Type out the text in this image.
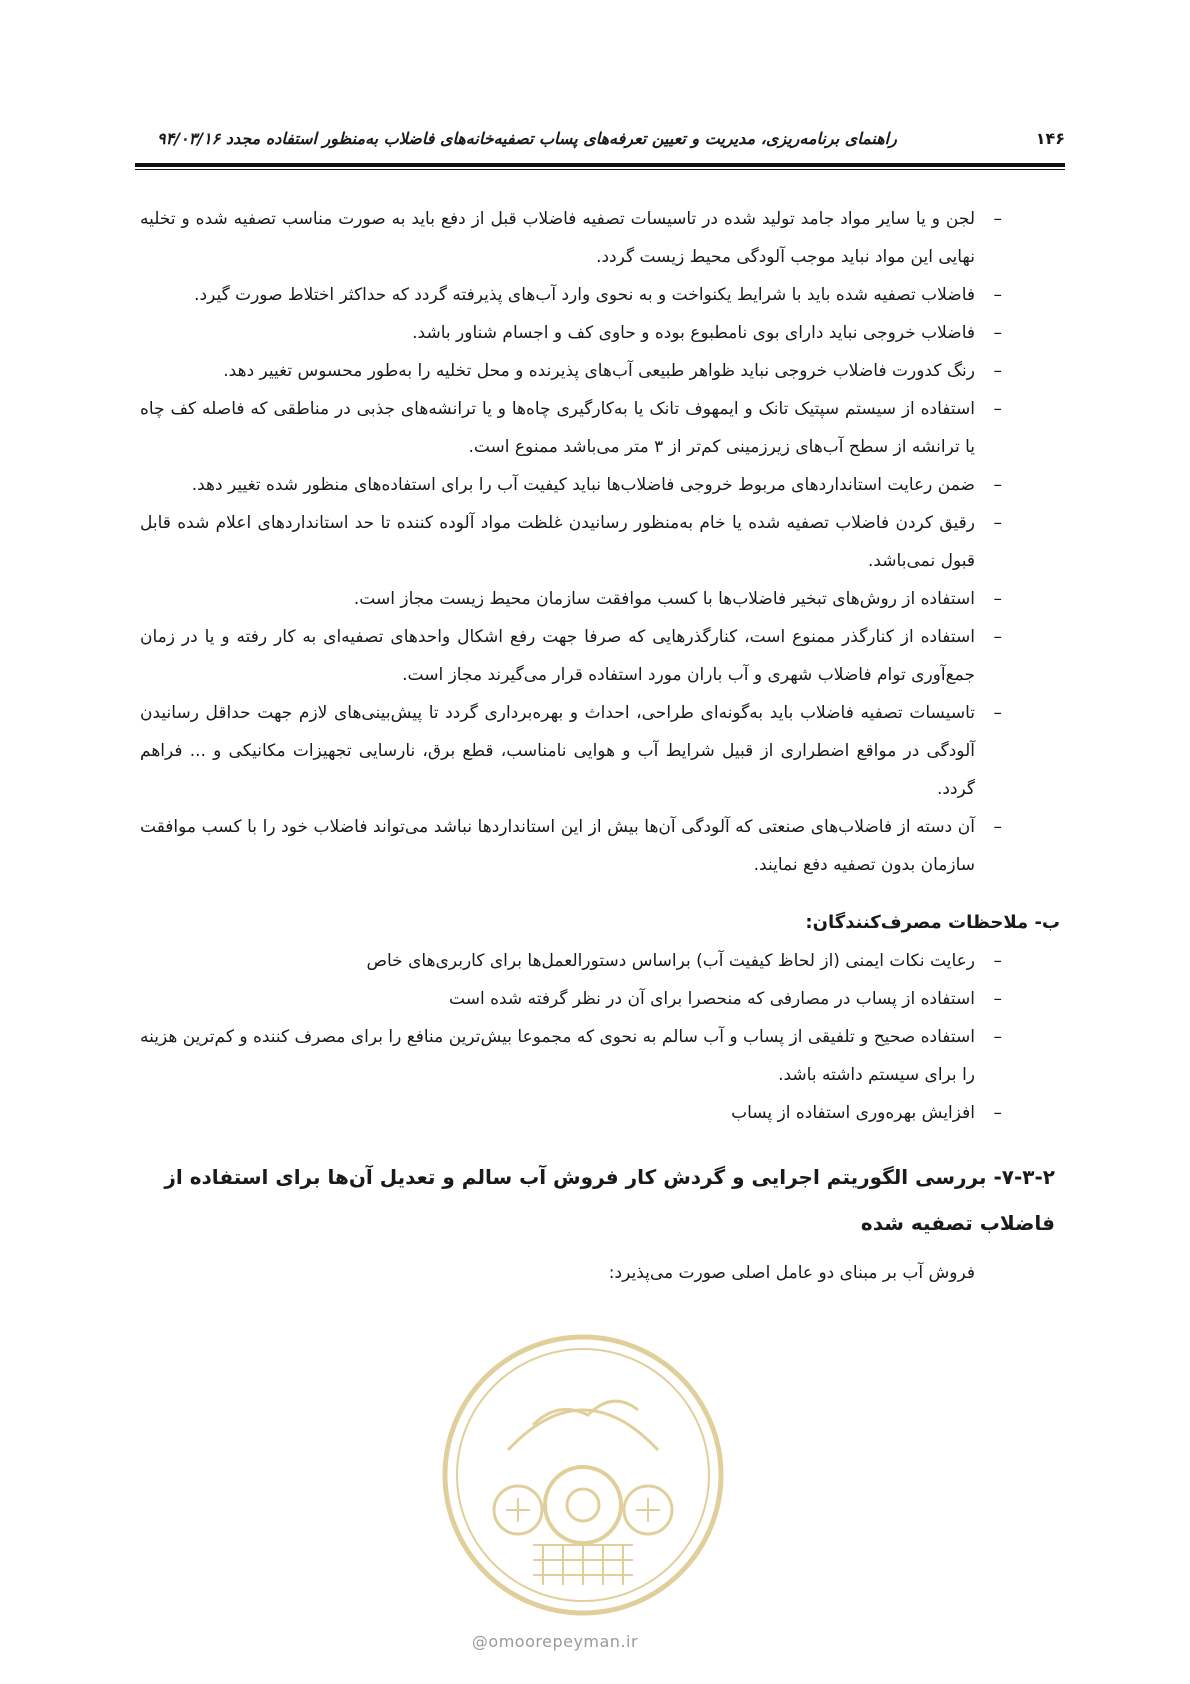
۱۴۶
راهنمای برنامه‌ریزی، مدیریت و تعیین تعرفه‌های پساب تصفیه‌خانه‌های فاضلاب به‌منظور استفاده مجدد ۹۴/۰۳/۱۶
–
لجن و یا سایر مواد جامد تولید شده در تاسیسات تصفیه فاضلاب قبل از دفع باید به صورت مناسب تصفیه شده و تخلیه نهایی این مواد نباید موجب آلودگی محیط زیست گردد.
–
فاضلاب تصفیه شده باید با شرایط یکنواخت و به نحوی وارد آب‌های پذیرفته گردد که حداکثر اختلاط صورت گیرد.
–
فاضلاب خروجی نباید دارای بوی نامطبوع بوده و حاوی کف و اجسام شناور باشد.
–
رنگ کدورت فاضلاب خروجی نباید ظواهر طبیعی آب‌های پذیرنده و محل تخلیه را به‌طور محسوس تغییر دهد.
–
استفاده از سیستم سپتیک تانک و ایمهوف تانک یا به‌کارگیری چاه‌ها و یا ترانشه‌های جذبی در مناطقی که فاصله کف چاه یا ترانشه از سطح آب‌های زیرزمینی کم‌تر از ۳ متر می‌باشد ممنوع است.
–
ضمن رعایت استانداردهای مربوط خروجی فاضلاب‌ها نباید کیفیت آب را برای استفاده‌های منظور شده تغییر دهد.
–
رقیق کردن فاضلاب تصفیه شده یا خام به‌منظور رسانیدن غلظت مواد آلوده کننده تا حد استانداردهای اعلام شده قابل قبول نمی‌باشد.
–
استفاده از روش‌های تبخیر فاضلاب‌ها با کسب موافقت سازمان محیط زیست مجاز است.
–
استفاده از کنارگذر ممنوع است، کنارگذرهایی که صرفا جهت رفع اشکال واحدهای تصفیه‌ای به کار رفته و یا در زمان جمع‌آوری توام فاضلاب شهری و آب باران مورد استفاده قرار می‌گیرند مجاز است.
–
تاسیسات تصفیه فاضلاب باید به‌گونه‌ای طراحی، احداث و بهره‌برداری گردد تا پیش‌بینی‌های لازم جهت حداقل رسانیدن آلودگی در مواقع اضطراری از قبیل شرایط آب و هوایی نامناسب، قطع برق، نارسایی تجهیزات مکانیکی و ... فراهم گردد.
–
آن دسته از فاضلاب‌های صنعتی که آلودگی آن‌ها بیش از این استانداردها نباشد می‌تواند فاضلاب خود را با کسب موافقت سازمان بدون تصفیه دفع نمایند.
ب- ملاحظات مصرف‌کنندگان:
–
رعایت نکات ایمنی (از لحاظ کیفیت آب) براساس دستورالعمل‌ها برای کاربری‌های خاص
–
استفاده از پساب در مصارفی که منحصرا برای آن در نظر گرفته شده است
–
استفاده صحیح و تلفیقی از پساب و آب سالم به نحوی که مجموعا بیش‌ترین منافع را برای مصرف کننده و کم‌ترین هزینه را برای سیستم داشته باشد.
–
افزایش بهره‌وری استفاده از پساب
۷-۳-۲- بررسی الگوریتم اجرایی و گردش کار فروش آب سالم و تعدیل آن‌ها برای استفاده از فاضلاب تصفیه شده
فروش آب بر مبنای دو عامل اصلی صورت می‌پذیرد:
@omoorepeyman.ir
